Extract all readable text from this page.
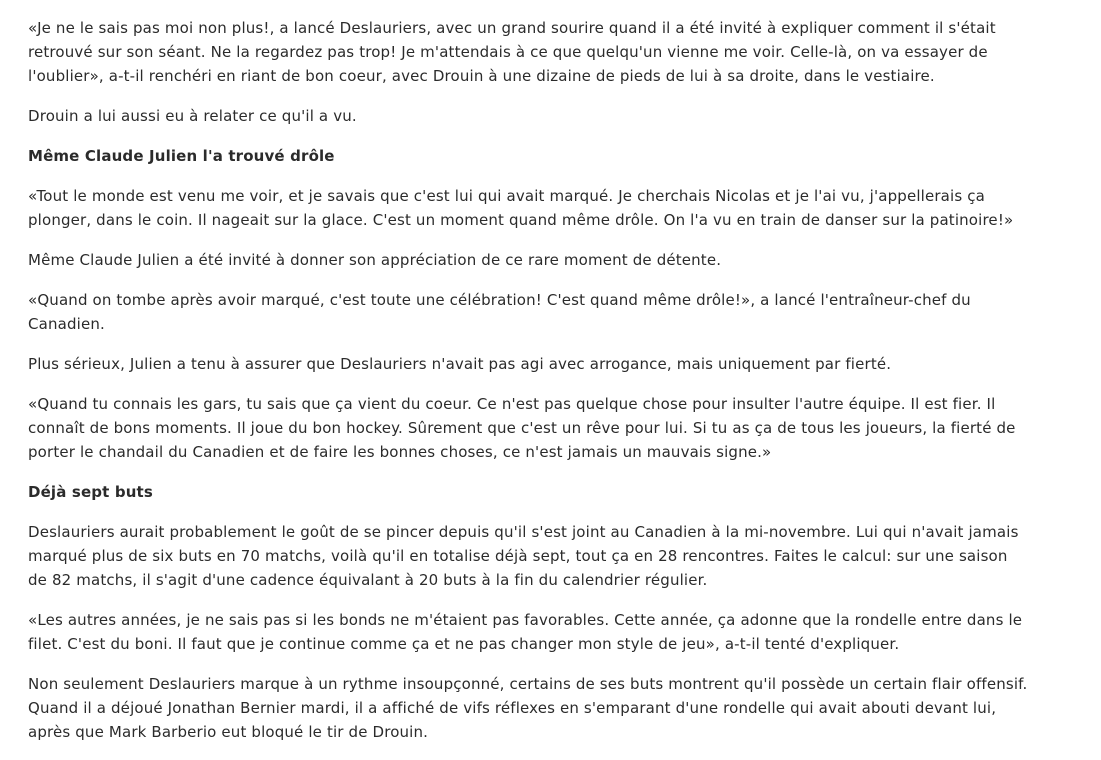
«Je ne le sais pas moi non plus!, a lancé Deslauriers, avec un grand sourire quand il a été invité à expliquer comment il s'était retrouvé sur son séant. Ne la regardez pas trop! Je m'attendais à ce que quelqu'un vienne me voir. Celle-là, on va essayer de l'oublier», a-t-il renchéri en riant de bon coeur, avec Drouin à une dizaine de pieds de lui à sa droite, dans le vestiaire.

Drouin a lui aussi eu à relater ce qu'il a vu.

Même Claude Julien l'a trouvé drôle

«Tout le monde est venu me voir, et je savais que c'est lui qui avait marqué. Je cherchais Nicolas et je l'ai vu, j'appellerais ça plonger, dans le coin. Il nageait sur la glace. C'est un moment quand même drôle. On l'a vu en train de danser sur la patinoire!»

Même Claude Julien a été invité à donner son appréciation de ce rare moment de détente.

«Quand on tombe après avoir marqué, c'est toute une célébration! C'est quand même drôle!», a lancé l'entraîneur-chef du Canadien.

Plus sérieux, Julien a tenu à assurer que Deslauriers n'avait pas agi avec arrogance, mais uniquement par fierté.

«Quand tu connais les gars, tu sais que ça vient du coeur. Ce n'est pas quelque chose pour insulter l'autre équipe. Il est fier. Il connaît de bons moments. Il joue du bon hockey. Sûrement que c'est un rêve pour lui. Si tu as ça de tous les joueurs, la fierté de porter le chandail du Canadien et de faire les bonnes choses, ce n'est jamais un mauvais signe.»

Déjà sept buts

Deslauriers aurait probablement le goût de se pincer depuis qu'il s'est joint au Canadien à la mi-novembre. Lui qui n'avait jamais marqué plus de six buts en 70 matchs, voilà qu'il en totalise déjà sept, tout ça en 28 rencontres. Faites le calcul: sur une saison de 82 matchs, il s'agit d'une cadence équivalant à 20 buts à la fin du calendrier régulier.

«Les autres années, je ne sais pas si les bonds ne m'étaient pas favorables. Cette année, ça adonne que la rondelle entre dans le filet. C'est du boni. Il faut que je continue comme ça et ne pas changer mon style de jeu», a-t-il tenté d'expliquer.

Non seulement Deslauriers marque à un rythme insoupçonné, certains de ses buts montrent qu'il possède un certain flair offensif. Quand il a déjoué Jonathan Bernier mardi, il a affiché de vifs réflexes en s'emparant d'une rondelle qui avait abouti devant lui, après que Mark Barberio eut bloqué le tir de Drouin.
